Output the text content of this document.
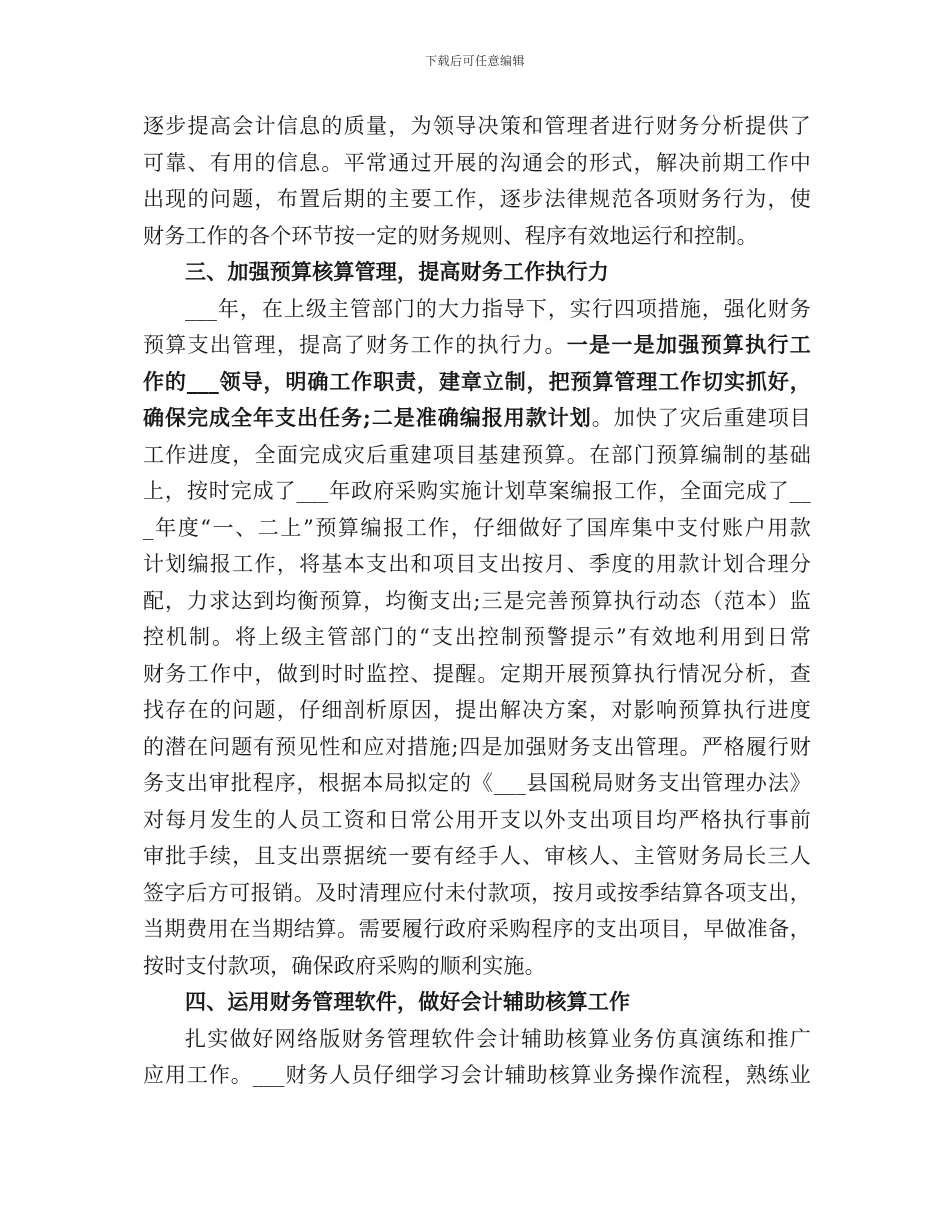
下载后可任意编辑
逐步提高会计信息的质量，为领导决策和管理者进行财务分析提供了
可靠、有用的信息。平常通过开展的沟通会的形式，解决前期工作中
出现的问题，布置后期的主要工作，逐步法律规范各项财务行为，使
财务工作的各个环节按一定的财务规则、程序有效地运行和控制。
三、加强预算核算管理，提高财务工作执行力
___年，在上级主管部门的大力指导下，实行四项措施，强化财务
预算支出管理，提高了财务工作的执行力。一是一是加强预算执行工
作的___领导，明确工作职责，建章立制，把预算管理工作切实抓好，
确保完成全年支出任务;二是准确编报用款计划。加快了灾后重建项目
工作进度，全面完成灾后重建项目基建预算。在部门预算编制的基础
上，按时完成了___年政府采购实施计划草案编报工作，全面完成了__
_年度“一、二上”预算编报工作，仔细做好了国库集中支付账户用款
计划编报工作，将基本支出和项目支出按月、季度的用款计划合理分
配，力求达到均衡预算，均衡支出;三是完善预算执行动态（范本）监
控机制。将上级主管部门的“支出控制预警提示”有效地利用到日常
财务工作中，做到时时监控、提醒。定期开展预算执行情况分析，查
找存在的问题，仔细剖析原因，提出解决方案，对影响预算执行进度
的潜在问题有预见性和应对措施;四是加强财务支出管理。严格履行财
务支出审批程序，根据本局拟定的《___县国税局财务支出管理办法》
对每月发生的人员工资和日常公用开支以外支出项目均严格执行事前
审批手续，且支出票据统一要有经手人、审核人、主管财务局长三人
签字后方可报销。及时清理应付未付款项，按月或按季结算各项支出，
当期费用在当期结算。需要履行政府采购程序的支出项目，早做准备，
按时支付款项，确保政府采购的顺利实施。
四、运用财务管理软件，做好会计辅助核算工作
扎实做好网络版财务管理软件会计辅助核算业务仿真演练和推广
应用工作。___财务人员仔细学习会计辅助核算业务操作流程，熟练业
